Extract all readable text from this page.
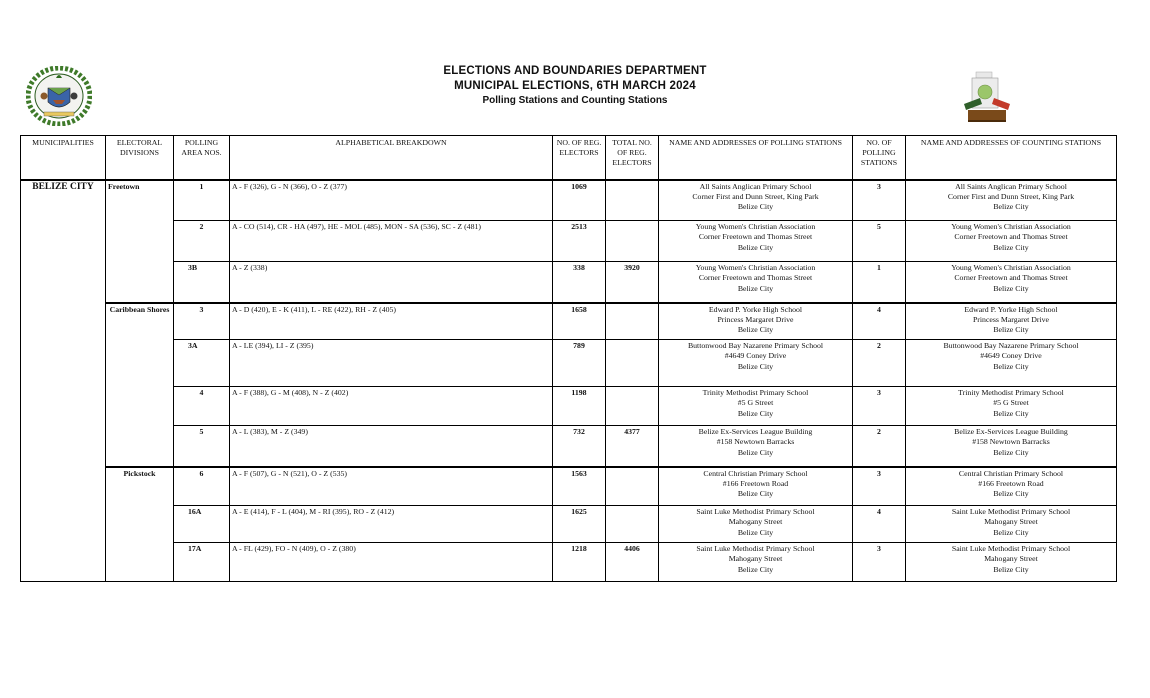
ELECTIONS AND BOUNDARIES DEPARTMENT
MUNICIPAL ELECTIONS, 6TH MARCH 2024
Polling Stations and Counting Stations
MUNICIPALITIES	ELECTORAL DIVISIONS	POLLING AREA NOS.	ALPHABETICAL BREAKDOWN	NO. OF REG. ELECTORS	TOTAL NO. OF REG. ELECTORS	NAME AND ADDRESSES OF POLLING STATIONS	NO. OF POLLING STATIONS	NAME AND ADDRESSES OF COUNTING STATIONS
BELIZE CITY	Freetown	1	A - F (326), G - N (366), O - Z (377)	1069		All Saints Anglican Primary School
Corner First and Dunn Street, King Park
Belize City	3	All Saints Anglican Primary School
Corner First and Dunn Street, King Park
Belize City

		2	A - CO (514), CR - HA (497), HE - MOL (485), MON - SA (536), SC - Z (481)	2513		Young Women's Christian Association
Corner Freetown and Thomas Street
Belize City	5	Young Women's Christian Association
Corner Freetown and Thomas Street
Belize City

		3B	A - Z (338)	338	3920	Young Women's Christian Association
Corner Freetown and Thomas Street
Belize City	1	Young Women's Christian Association
Corner Freetown and Thomas Street
Belize City

	Caribbean Shores	3	A - D (420), E - K (411), L - RE (422), RH - Z (405)	1658		Edward P. Yorke High School
Princess Margaret Drive
Belize City	4	Edward P. Yorke High School
Princess Margaret Drive
Belize City

		3A	A - LE (394), LI - Z (395)	789		Buttonwood Bay Nazarene Primary School
#4649 Coney Drive
Belize City	2	Buttonwood Bay Nazarene Primary School
#4649 Coney Drive
Belize City

		4	A - F (388), G - M (408), N - Z (402)	1198		Trinity Methodist Primary School
#5 G Street
Belize City	3	Trinity Methodist Primary School
#5 G Street
Belize City

		5	A - L (383), M - Z (349)	732	4377	Belize Ex-Services League Building
#158 Newtown Barracks
Belize City	2	Belize Ex-Services League Building
#158 Newtown Barracks
Belize City

	Pickstock	6	A - F (507), G - N (521), O - Z (535)	1563		Central Christian Primary School
#166 Freetown Road
Belize City	3	Central Christian Primary School
#166 Freetown Road
Belize City

		16A	A - E (414), F - L (404), M - RI (395), RO - Z (412)	1625		Saint Luke Methodist Primary School
Mahogany Street
Belize City	4	Saint Luke Methodist Primary School
Mahogany Street
Belize City

		17A	A - FL (429), FO - N (409), O - Z (380)	1218	4406	Saint Luke Methodist Primary School
Mahogany Street
Belize City	3	Saint Luke Methodist Primary School
Mahogany Street
Belize City
